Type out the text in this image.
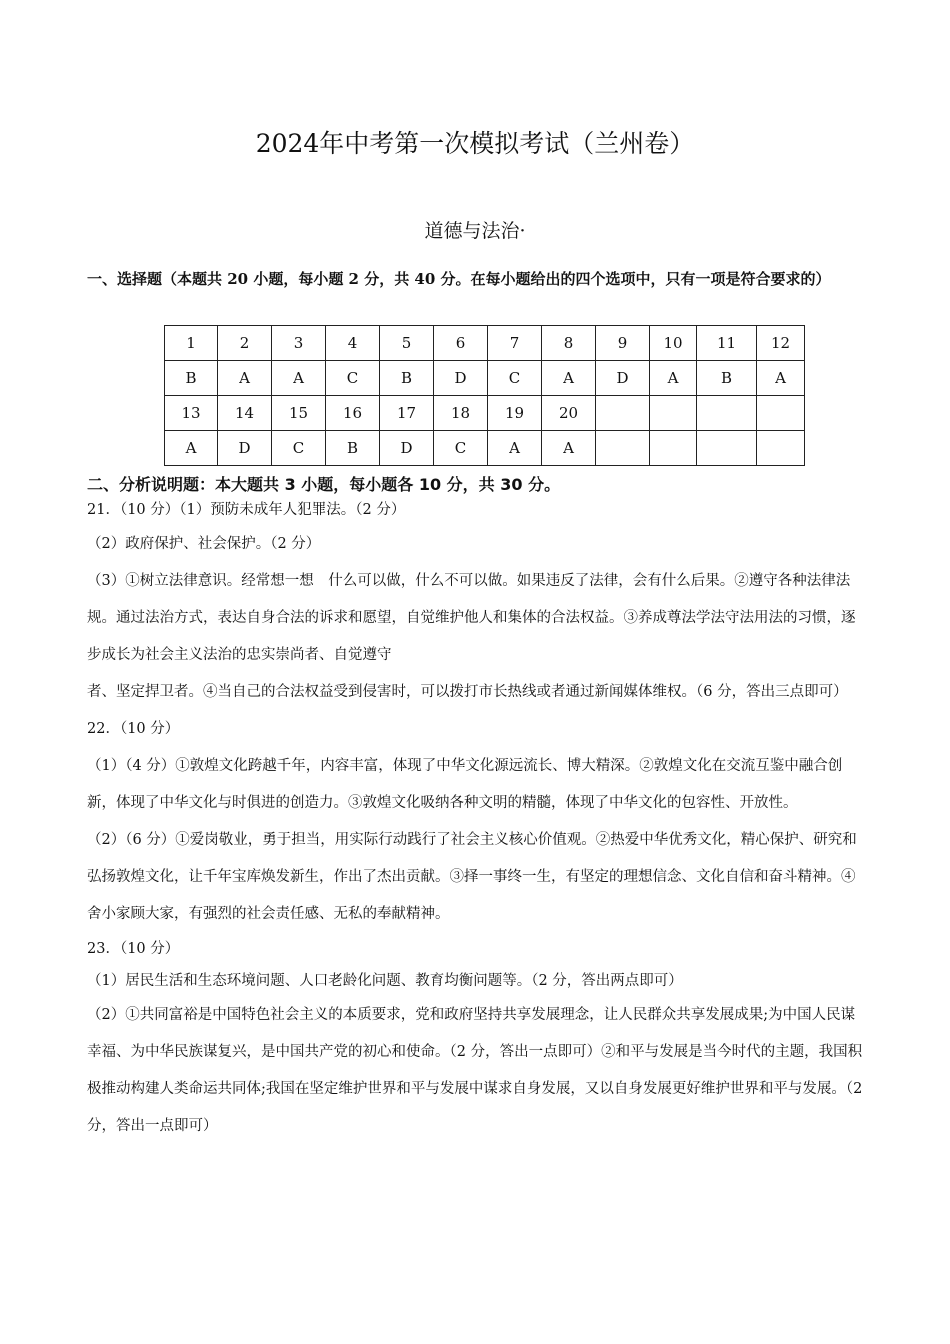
2024年中考第一次模拟考试（兰州卷）
道德与法治·
一、选择题（本题共 20 小题，每小题 2 分，共 40 分。在每小题给出的四个选项中，只有一项是符合要求的）
1	2	3	4	5	6	7	8	9	10	11	12
B	A	A	C	B	D	C	A	D	A	B	A
13	14	15	16	17	18	19	20				
A	D	C	B	D	C	A	A				
二、分析说明题：本大题共 3 小题，每小题各 10 分，共 30 分。

21．（10 分）（1）预防未成年人犯罪法。（2 分）

（2）政府保护、社会保护。（2 分）

（3）①树立法律意识。经常想一想　什么可以做，什么不可以做。如果违反了法律，会有什么后果。②遵守各种法律法规。通过法治方式，表达自身合法的诉求和愿望，自觉维护他人和集体的合法权益。③养成尊法学法守法用法的习惯，逐步成长为社会主义法治的忠实崇尚者、自觉遵守

者、坚定捍卫者。④当自己的合法权益受到侵害时，可以拨打市长热线或者通过新闻媒体维权。（6 分，答出三点即可）

22．（10 分）

（1）（4 分）①敦煌文化跨越千年，内容丰富，体现了中华文化源远流长、博大精深。②敦煌文化在交流互鉴中融合创新，体现了中华文化与时俱进的创造力。③敦煌文化吸纳各种文明的精髓，体现了中华文化的包容性、开放性。

（2）（6 分）①爱岗敬业，勇于担当，用实际行动践行了社会主义核心价值观。②热爱中华优秀文化，精心保护、研究和弘扬敦煌文化，让千年宝库焕发新生，作出了杰出贡献。③择一事终一生，有坚定的理想信念、文化自信和奋斗精神。④舍小家顾大家，有强烈的社会责任感、无私的奉献精神。

23．（10 分）

（1）居民生活和生态环境问题、人口老龄化问题、教育均衡问题等。（2 分，答出两点即可）

（2）①共同富裕是中国特色社会主义的本质要求，党和政府坚持共享发展理念，让人民群众共享发展成果;为中国人民谋幸福、为中华民族谋复兴，是中国共产党的初心和使命。（2 分，答出一点即可）②和平与发展是当今时代的主题，我国积极推动构建人类命运共同体;我国在坚定维护世界和平与发展中谋求自身发展，又以自身发展更好维护世界和平与发展。（2 分，答出一点即可）
